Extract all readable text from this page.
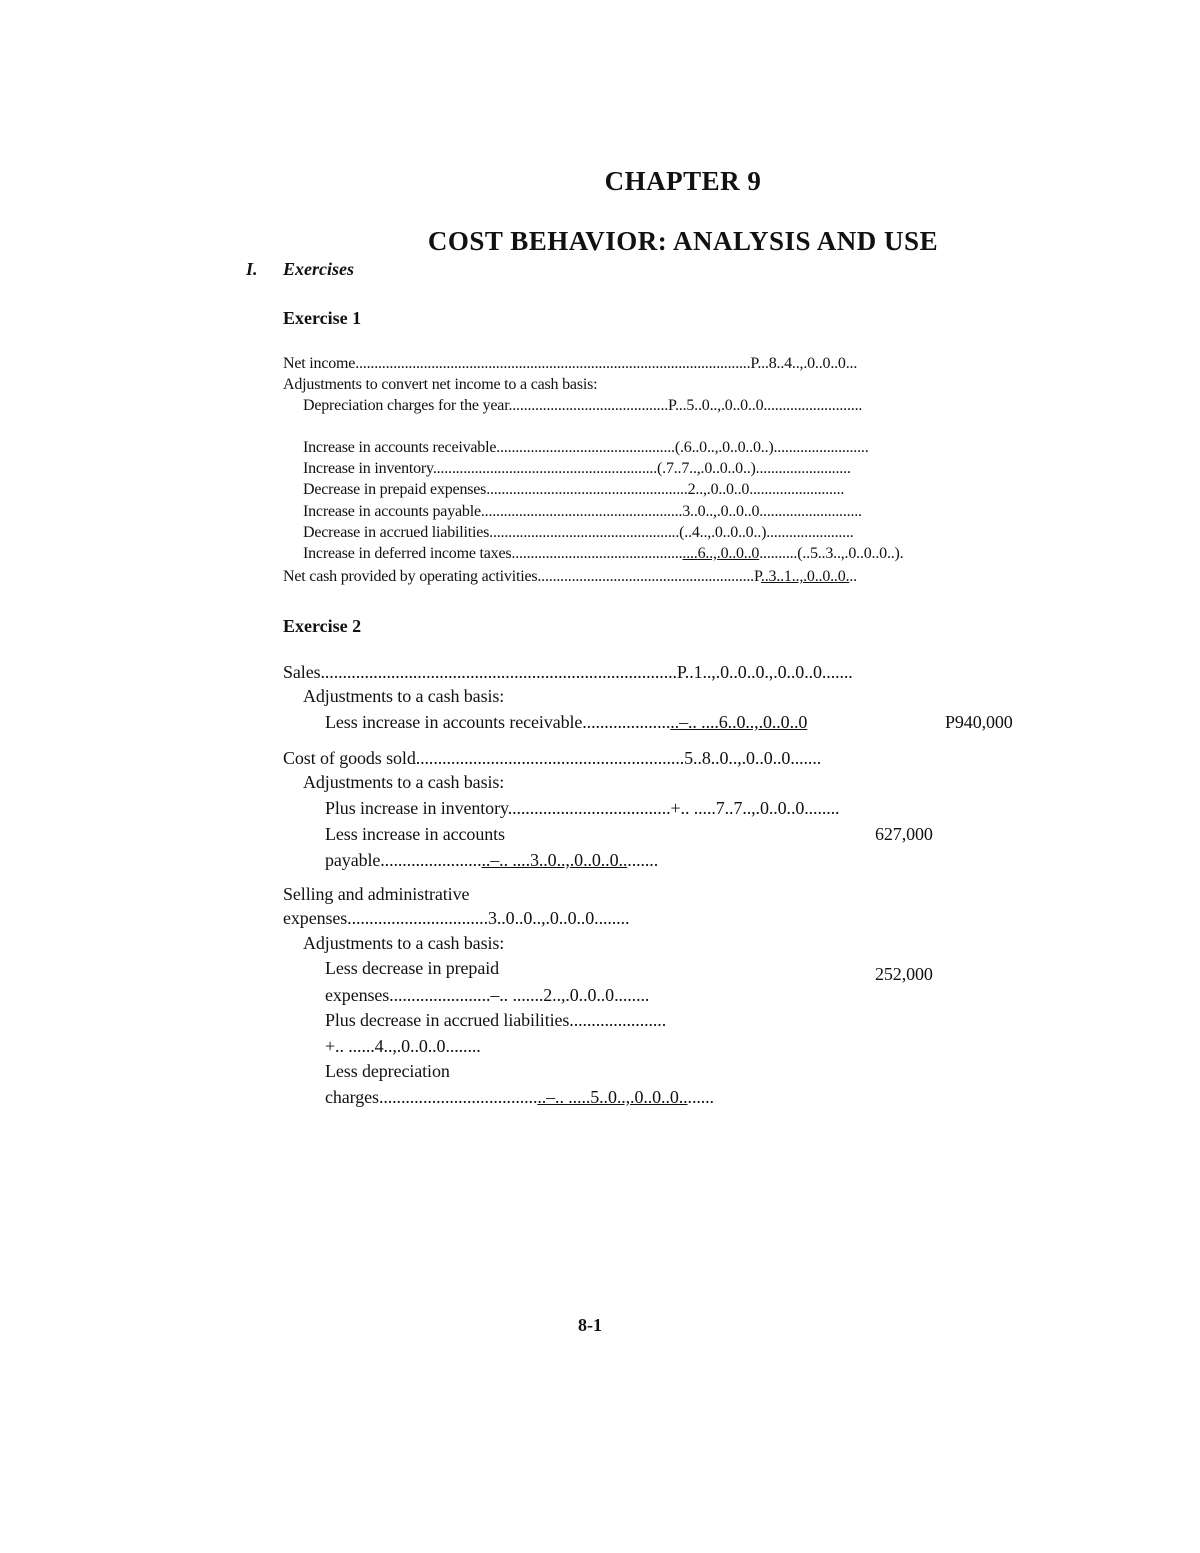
CHAPTER 9
COST BEHAVIOR: ANALYSIS AND USE
I. Exercises
Exercise 1
Net income........................................................................................................P...8..4..,.0..0..0...
Adjustments to convert net income to a cash basis:
Depreciation charges for the year..........................................P...5..0..,.0..0..0..........................
Increase in accounts receivable...............................................(.6..0..,.0..0..0..).........................
Increase in inventory...........................................................(.7..7..,.0..0..0..).........................
Decrease in prepaid expenses.....................................................2..,.0..0..0.........................
Increase in accounts payable.....................................................3..0..,.0..0..0...........................
Decrease in accrued liabilities..................................................(..4..,.0..0..0..).......................
Increase in deferred income taxes.................................................6..,.0..0..0..........(..5..3..,.0..0..0..).
Net cash provided by operating activities.........................................................P..3..1..,.0..0..0...
Exercise 2
Sales.................................................................................P..1..,.0..0..0.,.0..0..0.......
Adjustments to a cash basis:
Less increase in accounts receivable......................–.. ....6..0..,.0..0..0	P940,000
Cost of goods sold.............................................................5..8..0..,.0..0..0.......
Adjustments to a cash basis:
Plus increase in inventory.....................................+.. .....7..7..,.0..0..0........
Less increase in accounts	627,000
payable.........................–.. ....3..0..,.0..0..0.........
Selling and administrative
expenses................................3..0..0..,.0..0..0........
Adjustments to a cash basis:
Less decrease in prepaid	252,000
expenses.......................–.. .......2..,.0..0..0........
Plus decrease in accrued liabilities......................
+.. ......4..,.0..0..0........
Less depreciation
charges......................................–.. .....5..0..,.0..0..0........
8-1
